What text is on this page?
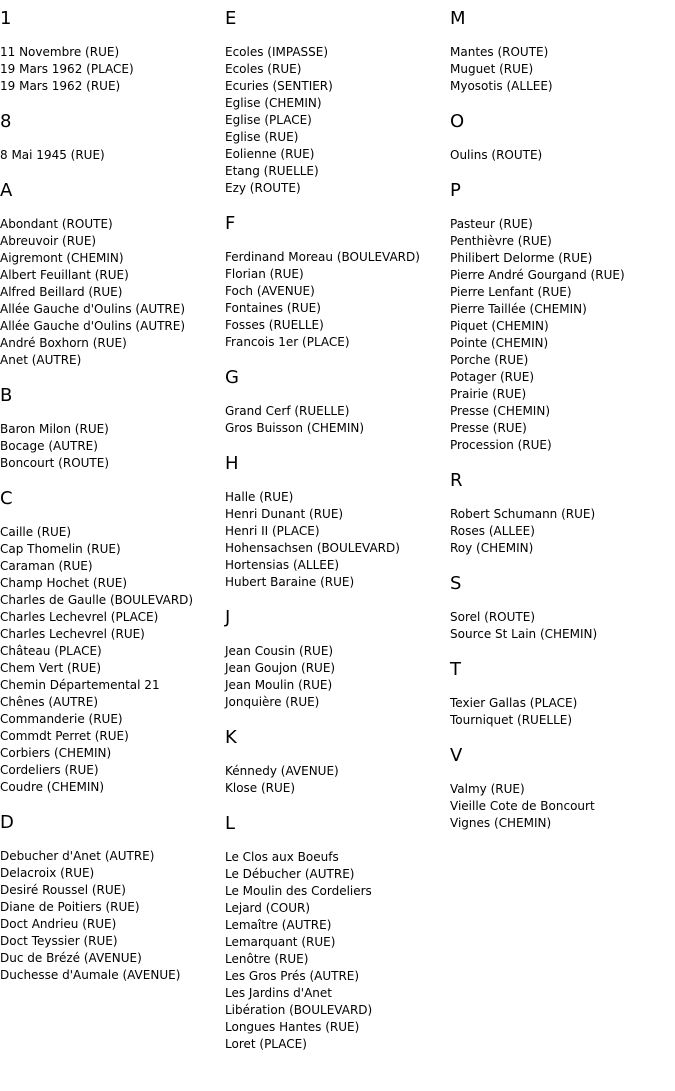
1
11 Novembre (RUE)
19 Mars 1962 (PLACE)
19 Mars 1962 (RUE)
8
8 Mai 1945 (RUE)
A
Abondant (ROUTE)
Abreuvoir (RUE)
Aigremont (CHEMIN)
Albert Feuillant (RUE)
Alfred Beillard (RUE)
Allée Gauche d'Oulins (AUTRE)
Allée Gauche d'Oulins (AUTRE)
André Boxhorn (RUE)
Anet (AUTRE)
B
Baron Milon (RUE)
Bocage (AUTRE)
Boncourt (ROUTE)
C
Caille (RUE)
Cap Thomelin (RUE)
Caraman (RUE)
Champ Hochet (RUE)
Charles de Gaulle (BOULEVARD)
Charles Lechevrel (PLACE)
Charles Lechevrel (RUE)
Château (PLACE)
Chem Vert (RUE)
Chemin Départemental 21
Chênes (AUTRE)
Commanderie (RUE)
Commdt Perret (RUE)
Corbiers (CHEMIN)
Cordeliers (RUE)
Coudre (CHEMIN)
D
Debucher d'Anet (AUTRE)
Delacroix (RUE)
Desiré Roussel (RUE)
Diane de Poitiers (RUE)
Doct Andrieu (RUE)
Doct Teyssier (RUE)
Duc de Brézé (AVENUE)
Duchesse d'Aumale (AVENUE)
E
Ecoles (IMPASSE)
Ecoles (RUE)
Ecuries (SENTIER)
Eglise (CHEMIN)
Eglise (PLACE)
Eglise (RUE)
Eolienne (RUE)
Etang (RUELLE)
Ezy (ROUTE)
F
Ferdinand Moreau (BOULEVARD)
Florian (RUE)
Foch (AVENUE)
Fontaines (RUE)
Fosses (RUELLE)
Francois 1er (PLACE)
G
Grand Cerf (RUELLE)
Gros Buisson (CHEMIN)
H
Halle (RUE)
Henri Dunant (RUE)
Henri II (PLACE)
Hohensachsen (BOULEVARD)
Hortensias (ALLEE)
Hubert Baraine (RUE)
J
Jean Cousin (RUE)
Jean Goujon (RUE)
Jean Moulin (RUE)
Jonquière (RUE)
K
Kénnedy (AVENUE)
Klose (RUE)
L
Le Clos aux Boeufs
Le Débucher (AUTRE)
Le Moulin des Cordeliers
Lejard (COUR)
Lemaître (AUTRE)
Lemarquant (RUE)
Lenôtre (RUE)
Les Gros Prés (AUTRE)
Les Jardins d'Anet
Libération (BOULEVARD)
Longues Hantes (RUE)
Loret (PLACE)
M
Mantes (ROUTE)
Muguet (RUE)
Myosotis (ALLEE)
O
Oulins (ROUTE)
P
Pasteur (RUE)
Penthièvre (RUE)
Philibert Delorme (RUE)
Pierre André Gourgand (RUE)
Pierre Lenfant (RUE)
Pierre Taillée (CHEMIN)
Piquet (CHEMIN)
Pointe (CHEMIN)
Porche (RUE)
Potager (RUE)
Prairie (RUE)
Presse (CHEMIN)
Presse (RUE)
Procession (RUE)
R
Robert Schumann (RUE)
Roses (ALLEE)
Roy (CHEMIN)
S
Sorel (ROUTE)
Source St Lain (CHEMIN)
T
Texier Gallas (PLACE)
Tourniquet (RUELLE)
V
Valmy (RUE)
Vieille Cote de Boncourt
Vignes (CHEMIN)
